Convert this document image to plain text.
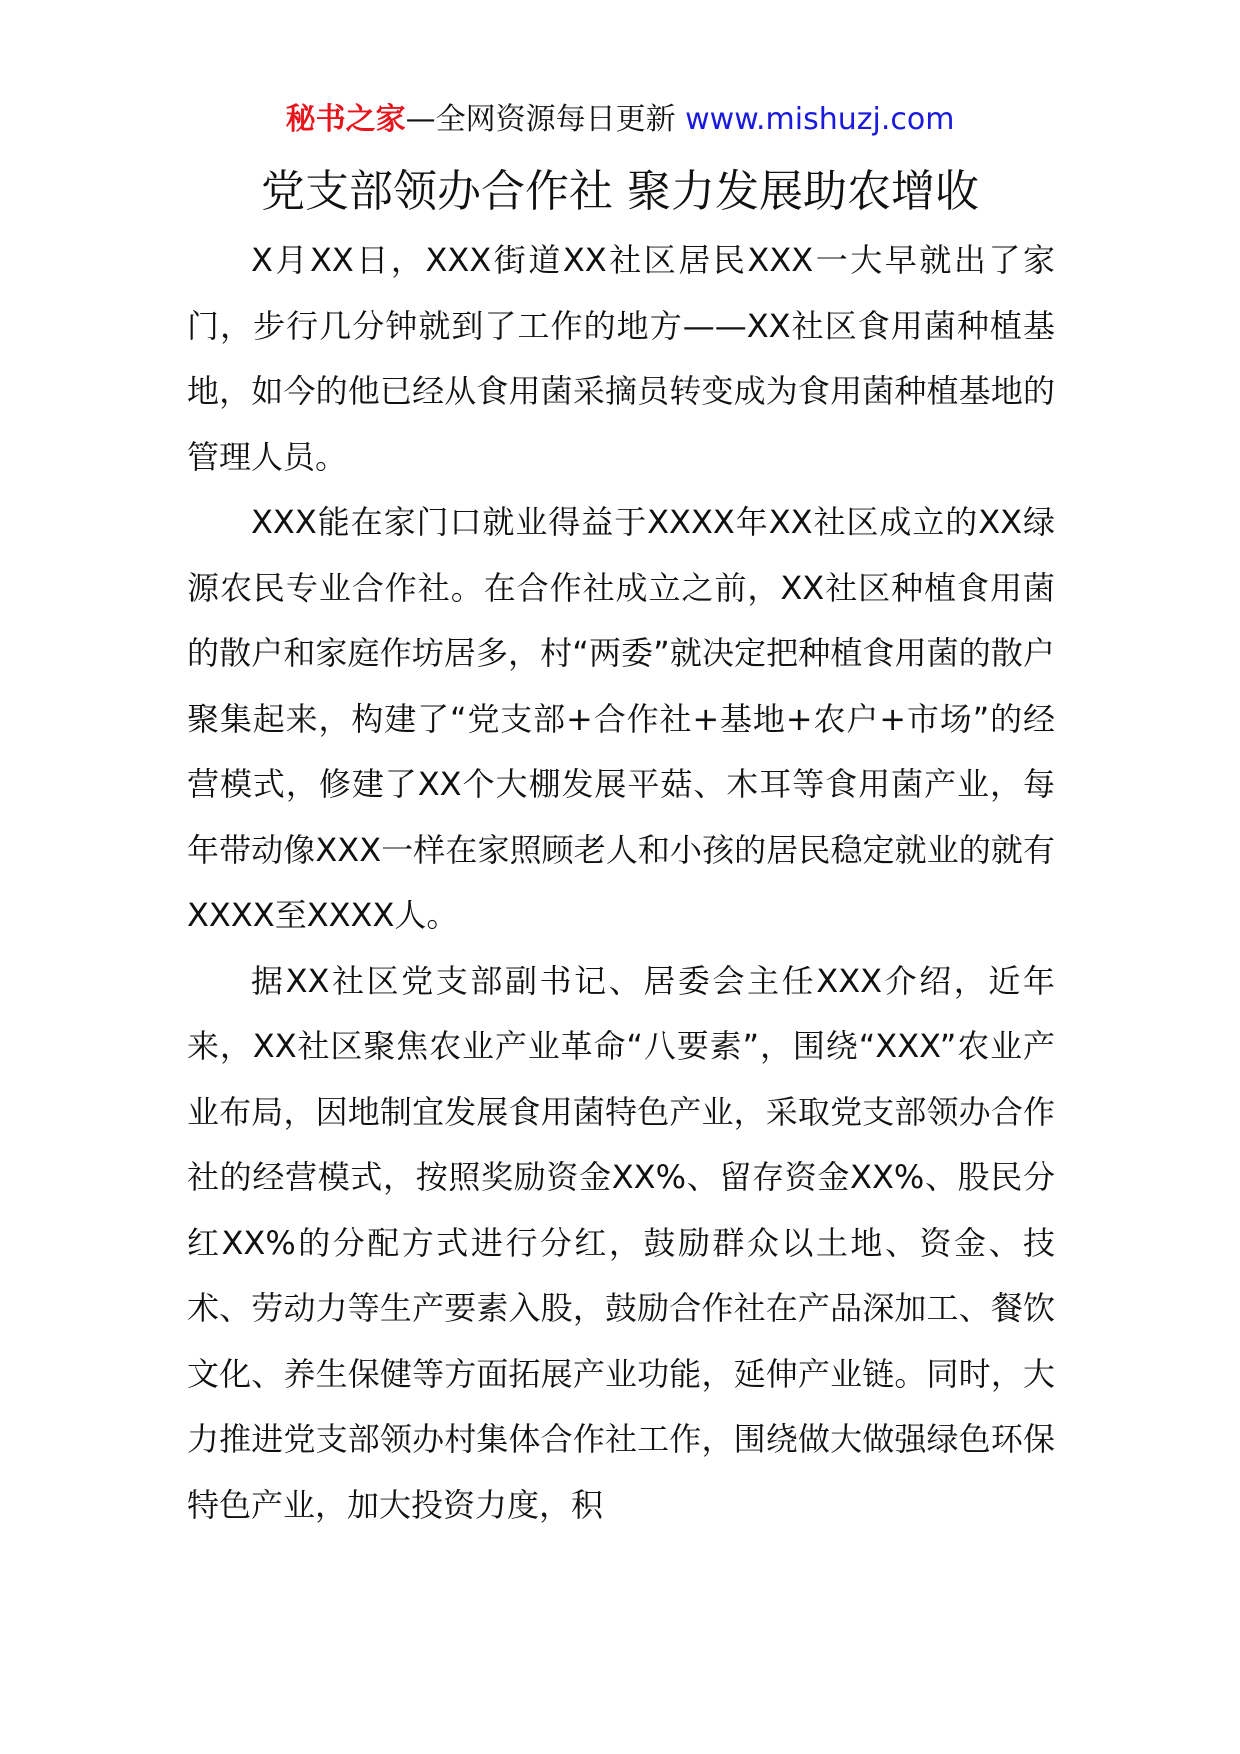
秘书之家—全网资源每日更新 www.mishuzj.com
党支部领办合作社 聚力发展助农增收

X月XX日，XXX街道XX社区居民XXX一大早就出了家门，步行几分钟就到了工作的地方——XX社区食用菌种植基地，如今的他已经从食用菌采摘员转变成为食用菌种植基地的管理人员。

XXX能在家门口就业得益于XXXX年XX社区成立的XX绿源农民专业合作社。在合作社成立之前，XX社区种植食用菌的散户和家庭作坊居多，村“两委”就决定把种植食用菌的散户聚集起来，构建了“党支部+合作社+基地+农户+市场”的经营模式，修建了XX个大棚发展平菇、木耳等食用菌产业，每年带动像XXX一样在家照顾老人和小孩的居民稳定就业的就有XXXX至XXXX人。

据XX社区党支部副书记、居委会主任XXX介绍，近年来，XX社区聚焦农业产业革命“八要素”，围绕“XXX”农业产业布局，因地制宜发展食用菌特色产业，采取党支部领办合作社的经营模式，按照奖励资金XX%、留存资金XX%、股民分红XX%的分配方式进行分红，鼓励群众以土地、资金、技术、劳动力等生产要素入股，鼓励合作社在产品深加工、餐饮文化、养生保健等方面拓展产业功能，延伸产业链。同时，大力推进党支部领办村集体合作社工作，围绕做大做强绿色环保特色产业，加大投资力度，积
